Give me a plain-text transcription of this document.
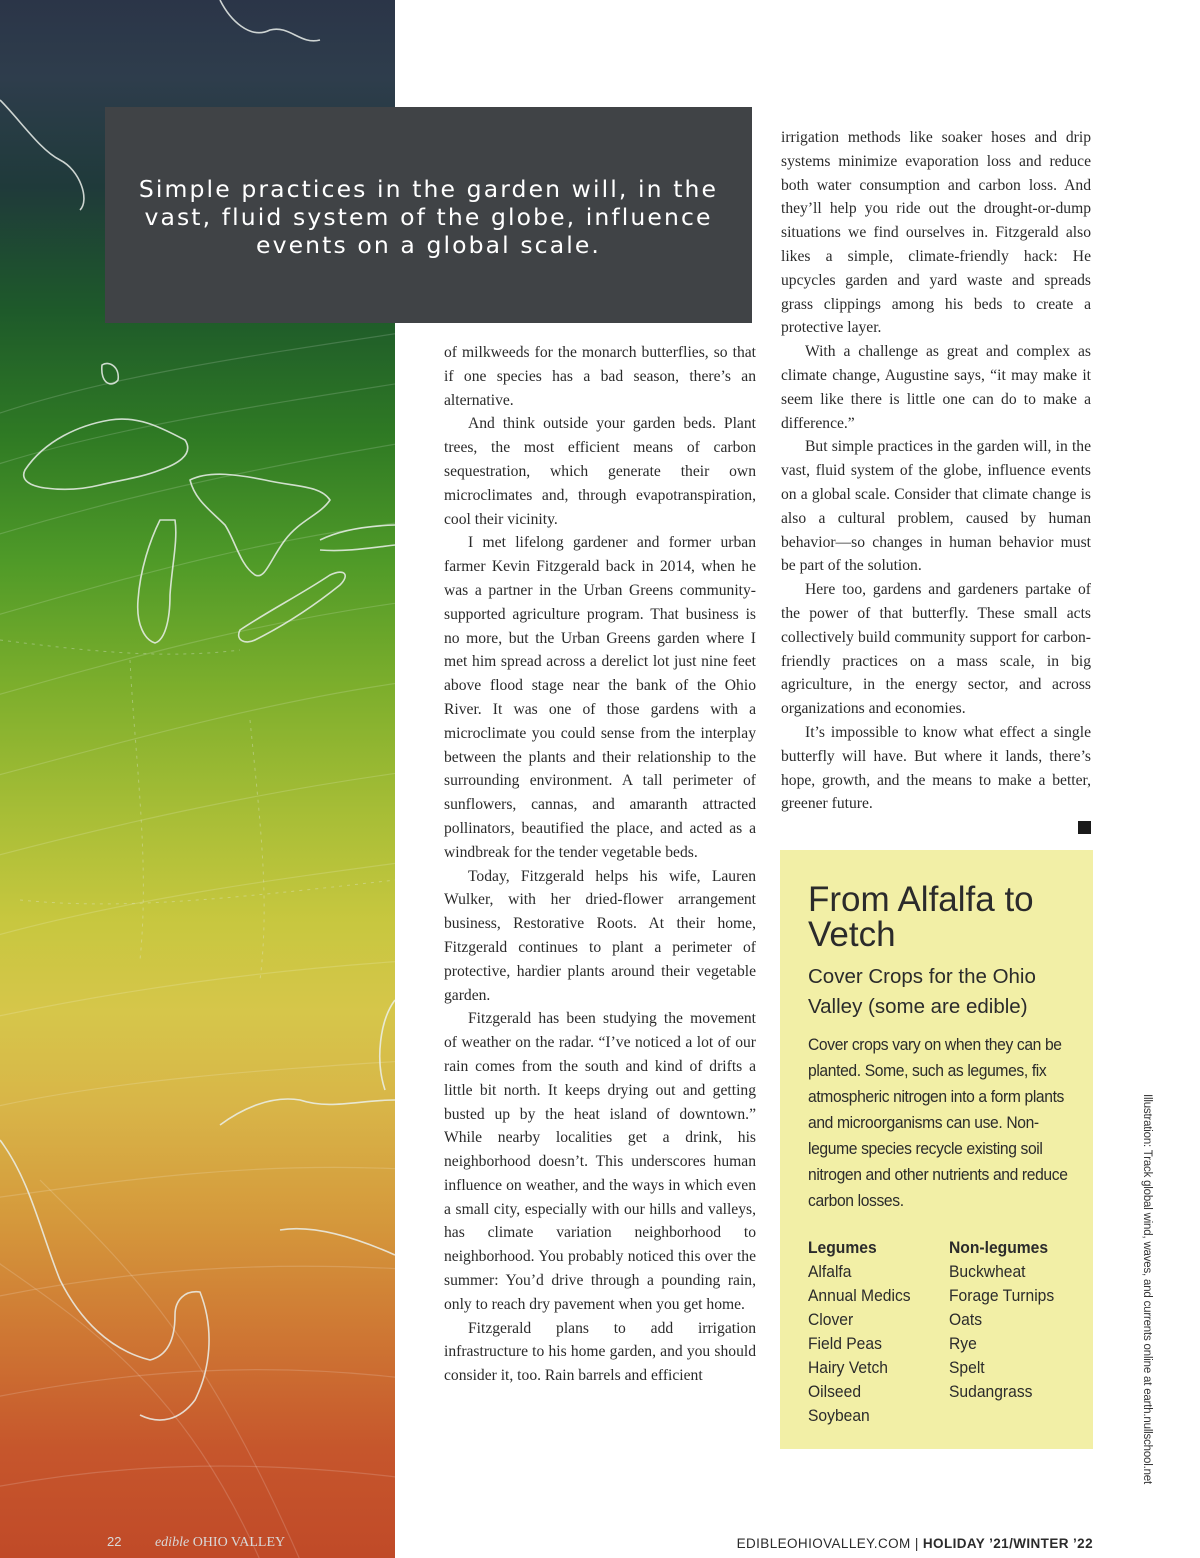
Simple practices in the garden will, in the vast, fluid system of the globe, influence events on a global scale.

of milkweeds for the monarch butterflies, so that if one species has a bad season, there’s an alternative.

And think outside your garden beds. Plant trees, the most efficient means of carbon sequestration, which generate their own microclimates and, through evapotranspiration, cool their vicinity.

I met lifelong gardener and former urban farmer Kevin Fitzgerald back in 2014, when he was a partner in the Urban Greens community-supported agriculture program. That business is no more, but the Urban Greens garden where I met him spread across a derelict lot just nine feet above flood stage near the bank of the Ohio River. It was one of those gardens with a microclimate you could sense from the interplay between the plants and their relationship to the surrounding environment. A tall perimeter of sunflowers, cannas, and amaranth attracted pollinators, beautified the place, and acted as a windbreak for the tender vegetable beds.

Today, Fitzgerald helps his wife, Lauren Wulker, with her dried-flower arrangement business, Restorative Roots. At their home, Fitzgerald continues to plant a perimeter of protective, hardier plants around their vegetable garden.

Fitzgerald has been studying the movement of weather on the radar. “I’ve noticed a lot of our rain comes from the south and kind of drifts a little bit north. It keeps drying out and getting busted up by the heat island of downtown.” While nearby localities get a drink, his neighborhood doesn’t. This underscores human influence on weather, and the ways in which even a small city, especially with our hills and valleys, has climate variation neighborhood to neighborhood. You probably noticed this over the summer: You’d drive through a pounding rain, only to reach dry pavement when you get home.

Fitzgerald plans to add irrigation infrastructure to his home garden, and you should consider it, too. Rain barrels and efficient

irrigation methods like soaker hoses and drip systems minimize evaporation loss and reduce both water consumption and carbon loss. And they’ll help you ride out the drought-or-dump situations we find ourselves in. Fitzgerald also likes a simple, climate-friendly hack: He upcycles garden and yard waste and spreads grass clippings among his beds to create a protective layer.

With a challenge as great and complex as climate change, Augustine says, “it may make it seem like there is little one can do to make a difference.”

But simple practices in the garden will, in the vast, fluid system of the globe, influence events on a global scale. Consider that climate change is also a cultural problem, caused by human behavior—so changes in human behavior must be part of the solution.

Here too, gardens and gardeners partake of the power of that butterfly. These small acts collectively build community support for carbon-friendly practices on a mass scale, in big agriculture, in the energy sector, and across organizations and economies.

It’s impossible to know what effect a single butterfly will have. But where it lands, there’s hope, growth, and the means to make a better, greener future.

From Alfalfa to Vetch
Cover Crops for the Ohio Valley (some are edible)

Cover crops vary on when they can be planted. Some, such as legumes, fix atmospheric nitrogen into a form plants and microorganisms can use. Non-legume species recycle existing soil nitrogen and other nutrients and reduce carbon losses.

Legumes
Alfalfa
Annual Medics
Clover
Field Peas
Hairy Vetch
Oilseed
Soybean
Non-legumes
Buckwheat
Forage Turnips
Oats
Rye
Spelt
Sudangrass	Illustration: Track global wind, waves, and currents online at earth.nullschool.net
22 edible OHIO VALLEY	EDIBLEOHIOVALLEY.COM | HOLIDAY ’21/WINTER ’22
